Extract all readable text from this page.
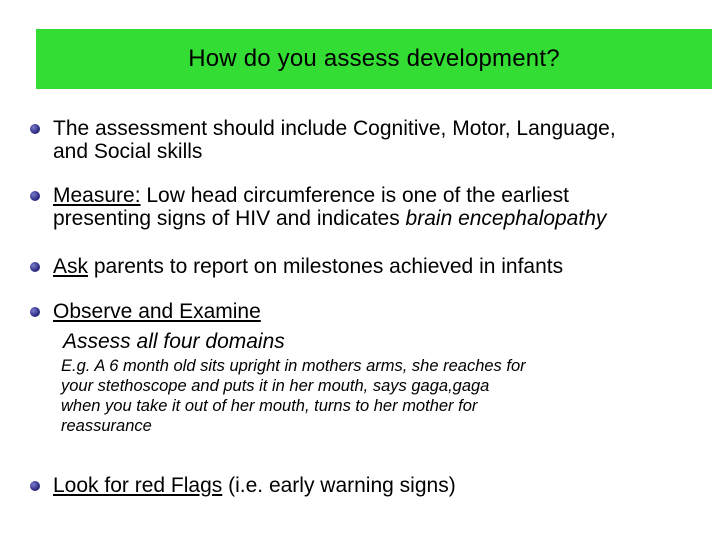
How do you assess development?
The assessment should include Cognitive, Motor, Language,
and Social skills
Measure: Low head circumference is one of the earliest
presenting signs of HIV and indicates brain encephalopathy
Ask parents to report on milestones achieved in infants
Observe and Examine
Assess all four domains
E.g. A 6 month old sits upright in mothers arms, she reaches for
your stethoscope and puts it in her mouth, says gaga,gaga
when you take it out of her mouth, turns to her mother for
reassurance
Look for red Flags (i.e. early warning signs)
